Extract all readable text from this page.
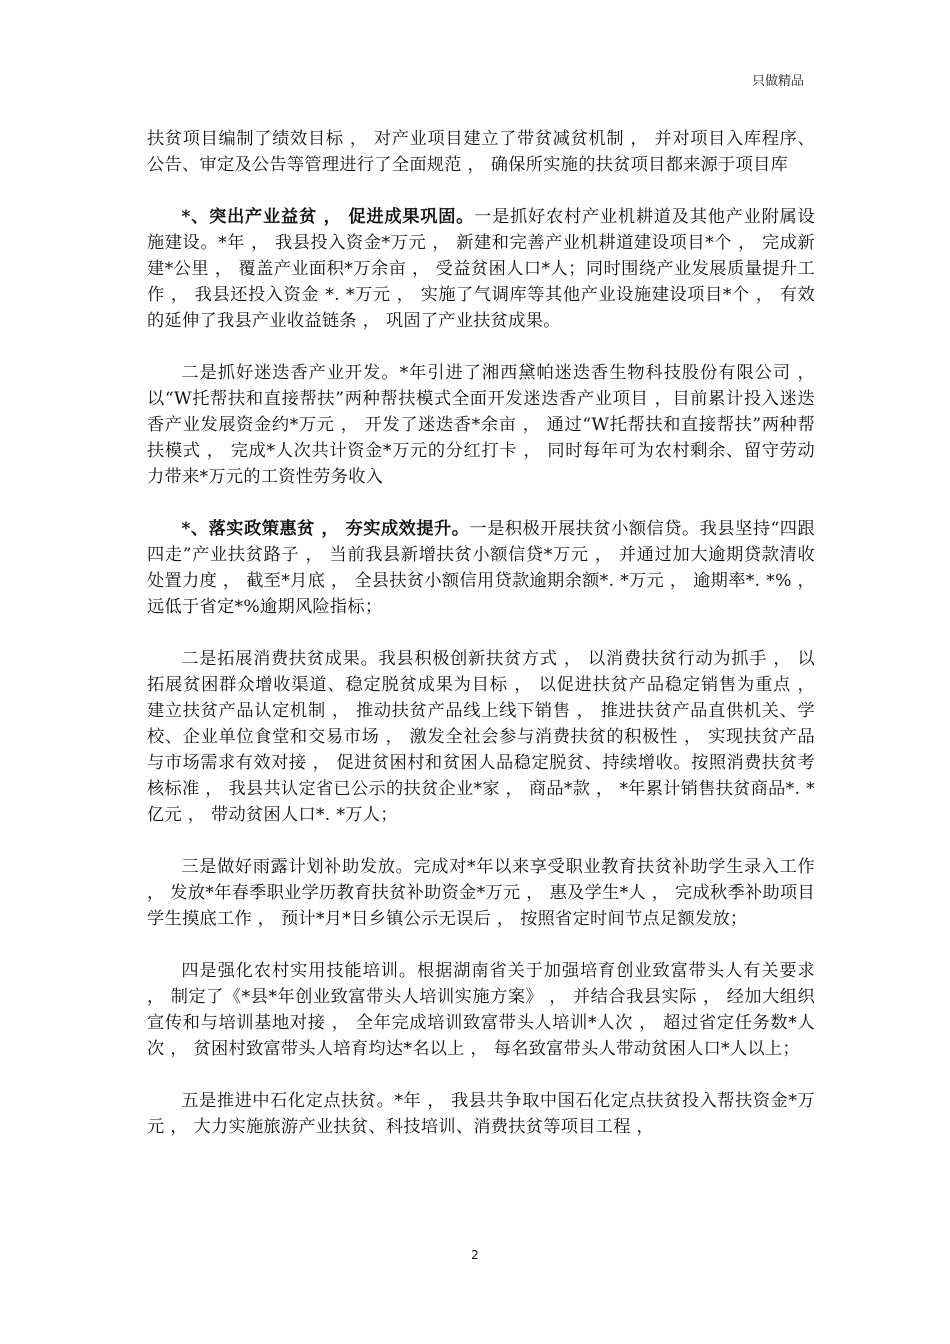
只做精品

扶贫项目编制了绩效目标 ， 对产业项目建立了带贫减贫机制 ， 并对项目入库程序、公告、审定及公告等管理进行了全面规范 ， 确保所实施的扶贫项目都来源于项目库

*、突出产业益贫 ， 促进成果巩固。一是抓好农村产业机耕道及其他产业附属设施建设。*年 ， 我县投入资金*万元 ， 新建和完善产业机耕道建设项目*个 ， 完成新建*公里 ， 覆盖产业面积*万余亩 ， 受益贫困人口*人；同时围绕产业发展质量提升工作 ， 我县还投入资金 *. *万元 ， 实施了气调库等其他产业设施建设项目*个 ， 有效的延伸了我县产业收益链条 ， 巩固了产业扶贫成果。

二是抓好迷迭香产业开发。*年引进了湘西黛帕迷迭香生物科技股份有限公司 ， 以“W托帮扶和直接帮扶”两种帮扶模式全面开发迷迭香产业项目 ，目前累计投入迷迭香产业发展资金约*万元 ， 开发了迷迭香*余亩 ， 通过“W托帮扶和直接帮扶”两种帮扶模式 ， 完成*人次共计资金*万元的分红打卡 ， 同时每年可为农村剩余、留守劳动力带来*万元的工资性劳务收入

*、落实政策惠贫 ， 夯实成效提升。一是积极开展扶贫小额信贷。我县坚持“四跟四走”产业扶贫路子 ， 当前我县新增扶贫小额信贷*万元 ， 并通过加大逾期贷款清收处置力度 ， 截至*月底 ， 全县扶贫小额信用贷款逾期余额*. *万元 ， 逾期率*. *% ， 远低于省定*%逾期风险指标；

二是拓展消费扶贫成果。我县积极创新扶贫方式 ， 以消费扶贫行动为抓手 ， 以拓展贫困群众增收渠道、稳定脱贫成果为目标 ， 以促进扶贫产品稳定销售为重点 ， 建立扶贫产品认定机制 ， 推动扶贫产品线上线下销售 ， 推进扶贫产品直供机关、学校、企业单位食堂和交易市场 ， 激发全社会参与消费扶贫的积极性 ， 实现扶贫产品与市场需求有效对接 ， 促进贫困村和贫困人品稳定脱贫、持续增收。按照消费扶贫考核标准 ， 我县共认定省已公示的扶贫企业*家 ， 商品*款 ， *年累计销售扶贫商品*. *亿元 ， 带动贫困人口*. *万人；

三是做好雨露计划补助发放。完成对*年以来享受职业教育扶贫补助学生录入工作 ， 发放*年春季职业学历教育扶贫补助资金*万元 ， 惠及学生*人 ， 完成秋季补助项目学生摸底工作 ， 预计*月*日乡镇公示无误后 ， 按照省定时间节点足额发放；

四是强化农村实用技能培训。根据湖南省关于加强培育创业致富带头人有关要求 ， 制定了《*县*年创业致富带头人培训实施方案》 ， 并结合我县实际 ， 经加大组织宣传和与培训基地对接 ， 全年完成培训致富带头人培训*人次 ， 超过省定任务数*人次 ， 贫困村致富带头人培育均达*名以上 ， 每名致富带头人带动贫困人口*人以上；

五是推进中石化定点扶贫。*年 ， 我县共争取中国石化定点扶贫投入帮扶资金*万元 ， 大力实施旅游产业扶贫、科技培训、消费扶贫等项目工程 ，

2
